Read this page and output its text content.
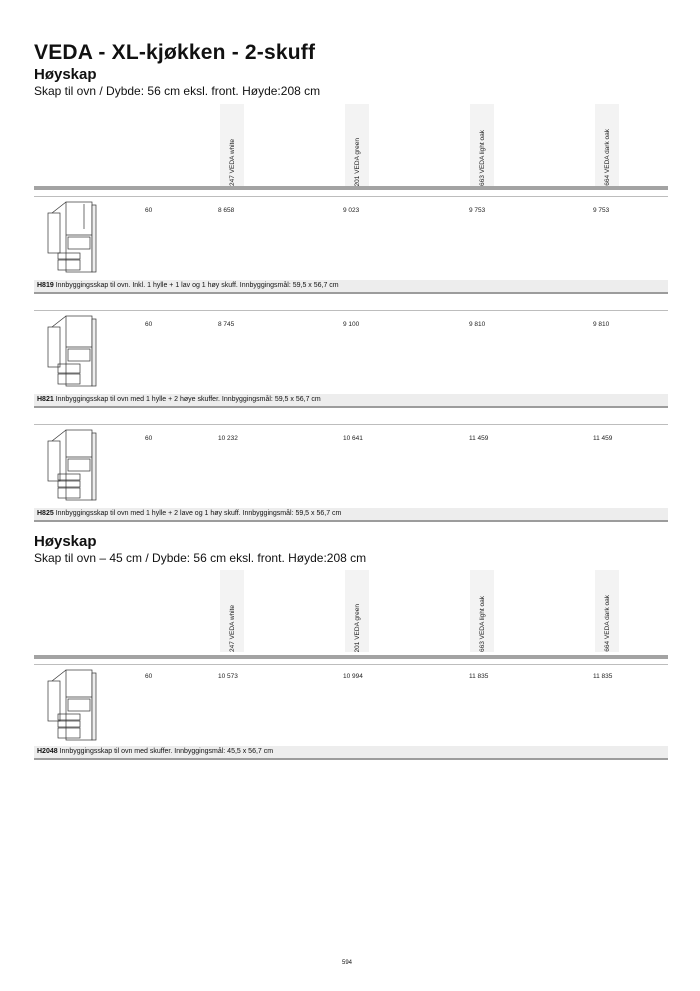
VEDA - XL-kjøkken - 2-skuff
Høyskap
Skap til ovn / Dybde: 56 cm eksl. front. Høyde:208 cm
247 VEDA white	201 VEDA green	663 VEDA light oak	664 VEDA dark oak
60	8 658	9 023	9 753	9 753
H819 Innbyggingsskap til ovn. Inkl. 1 hylle + 1 lav og 1 høy skuff. Innbyggingsmål: 59,5 x 56,7 cm
60	8 745	9 100	9 810	9 810
H821 Innbyggingsskap til ovn med 1 hylle + 2 høye skuffer. Innbyggingsmål: 59,5 x 56,7 cm
60	10 232	10 641	11 459	11 459
H825 Innbyggingsskap til ovn med 1 hylle + 2 lave og 1 høy skuff. Innbyggingsmål: 59,5 x 56,7 cm
Høyskap
Skap til ovn – 45 cm / Dybde: 56 cm eksl. front. Høyde:208 cm
247 VEDA white	201 VEDA green	663 VEDA light oak	664 VEDA dark oak
60	10 573	10 994	11 835	11 835
H2048 Innbyggingsskap til ovn med skuffer. Innbyggingsmål: 45,5 x 56,7 cm
594
